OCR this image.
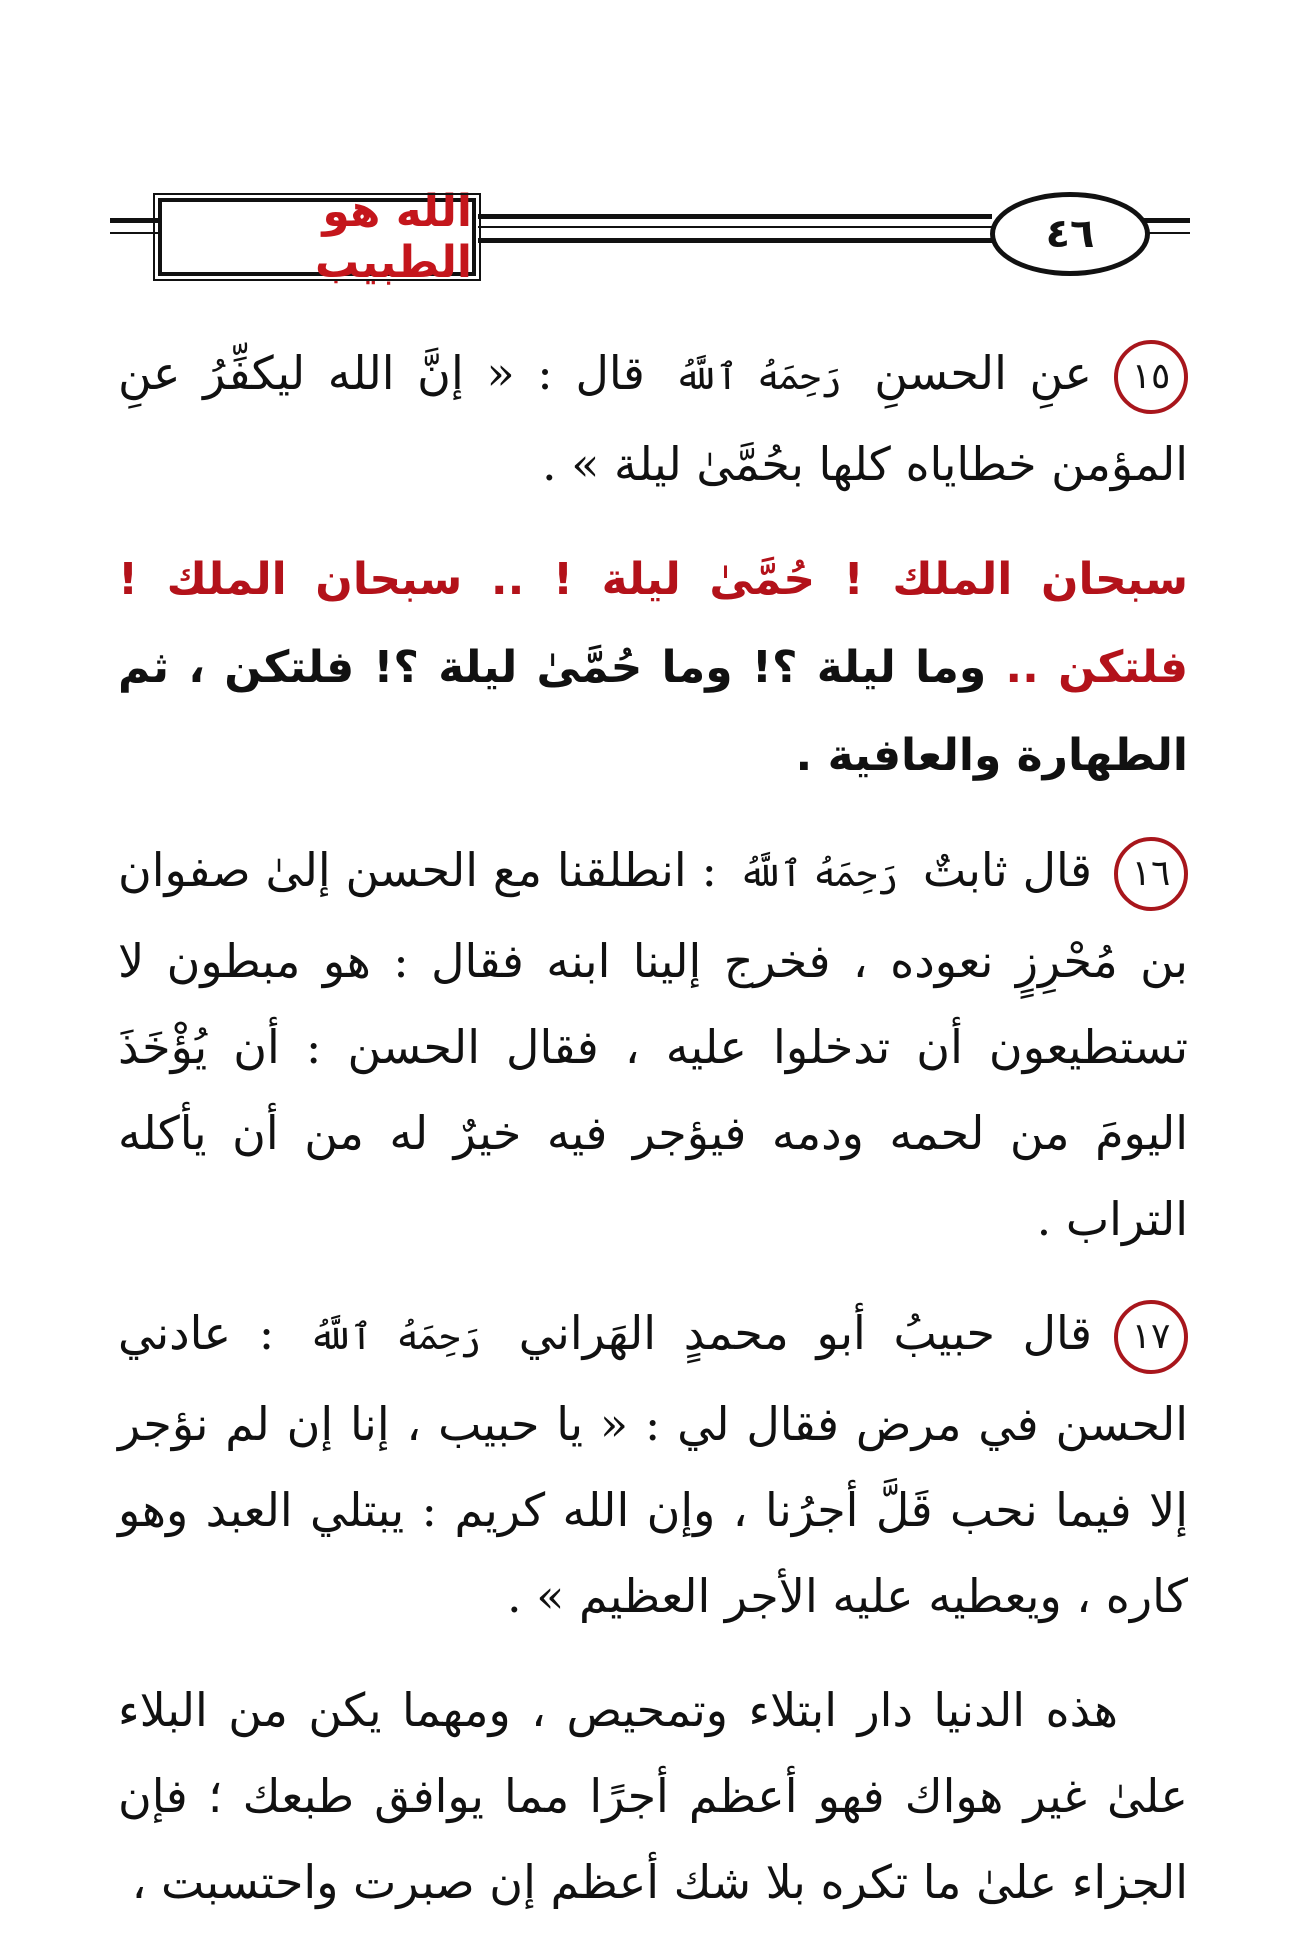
الله هو الطبيب
٤٦

١٥عنِ الحسنِ رَحِمَهُ ٱللَّهُ قال : « إنَّ الله ليكفِّرُ عنِ المؤمن خطاياه كلها بحُمَّىٰ ليلة » .

سبحان الملك ! حُمَّىٰ ليلة ! .. سبحان الملك ! فلتكن .. وما ليلة ؟! وما حُمَّىٰ ليلة ؟! فلتكن ، ثم الطهارة والعافية .

١٦قال ثابتٌ رَحِمَهُ ٱللَّهُ : انطلقنا مع الحسن إلىٰ صفوان بن مُحْرِزٍ نعوده ، فخرج إلينا ابنه فقال : هو مبطون لا تستطيعون أن تدخلوا عليه ، فقال الحسن : أن يُؤْخَذَ اليومَ من لحمه ودمه فيؤجر فيه خيرٌ له من أن يأكله التراب .

١٧قال حبيبُ أبو محمدٍ الهَراني رَحِمَهُ ٱللَّهُ : عادني الحسن في مرض فقال لي : « يا حبيب ، إنا إن لم نؤجر إلا فيما نحب قَلَّ أجرُنا ، وإن الله كريم : يبتلي العبد وهو كاره ، ويعطيه عليه الأجر العظيم » .

هذه الدنيا دار ابتلاء وتمحيص ، ومهما يكن من البلاء علىٰ غير هواك فهو أعظم أجرًا مما يوافق طبعك ؛ فإن الجزاء علىٰ ما تكره بلا شك أعظم إن صبرت واحتسبت ،
